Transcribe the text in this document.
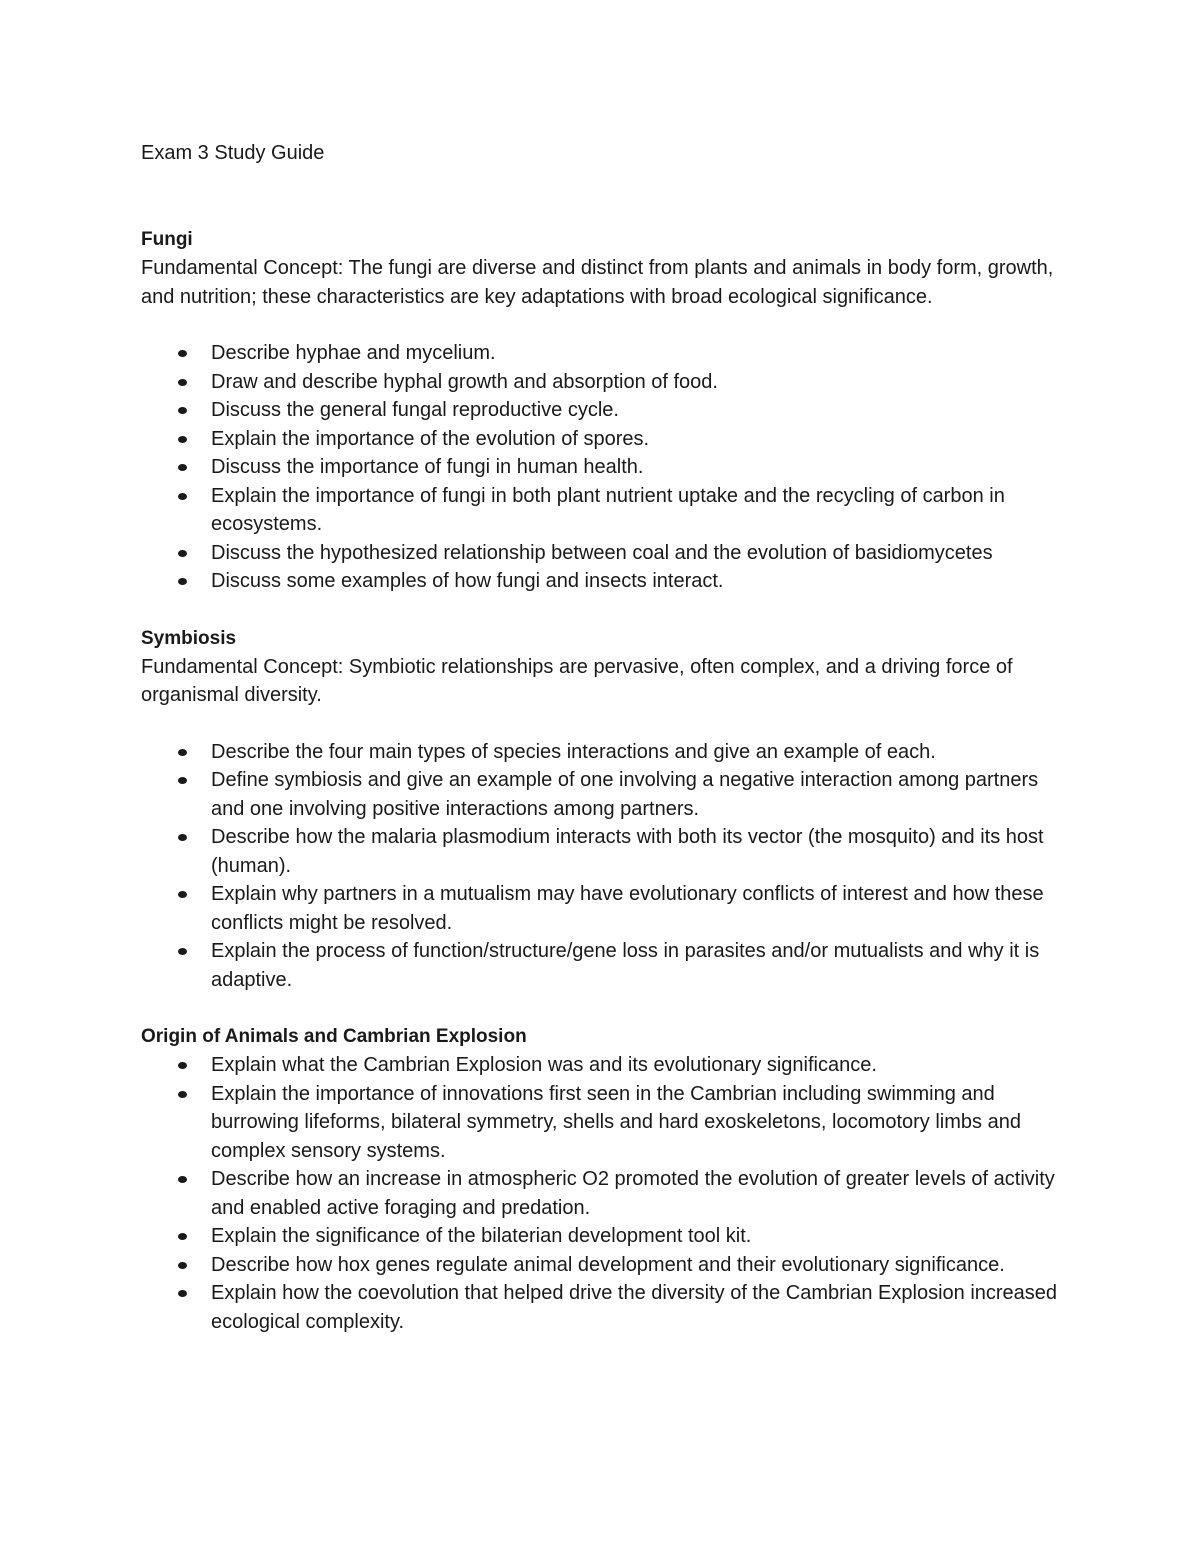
Exam 3 Study Guide

Fungi

Fundamental Concept: The fungi are diverse and distinct from plants and animals in body form, growth, and nutrition; these characteristics are key adaptations with broad ecological significance.

Describe hyphae and mycelium.
Draw and describe hyphal growth and absorption of food.
Discuss the general fungal reproductive cycle.
Explain the importance of the evolution of spores.
Discuss the importance of fungi in human health.
Explain the importance of fungi in both plant nutrient uptake and the recycling of carbon in ecosystems.
Discuss the hypothesized relationship between coal and the evolution of basidiomycetes
Discuss some examples of how fungi and insects interact.

Symbiosis

Fundamental Concept: Symbiotic relationships are pervasive, often complex, and a driving force of organismal diversity.

Describe the four main types of species interactions and give an example of each.
Define symbiosis and give an example of one involving a negative interaction among partners and one involving positive interactions among partners.
Describe how the malaria plasmodium interacts with both its vector (the mosquito) and its host (human).
Explain why partners in a mutualism may have evolutionary conflicts of interest and how these conflicts might be resolved.
Explain the process of function/structure/gene loss in parasites and/or mutualists and why it is adaptive.

Origin of Animals and Cambrian Explosion

Explain what the Cambrian Explosion was and its evolutionary significance.
Explain the importance of innovations first seen in the Cambrian including swimming and burrowing lifeforms, bilateral symmetry, shells and hard exoskeletons, locomotory limbs and complex sensory systems.
Describe how an increase in atmospheric O2 promoted the evolution of greater levels of activity and enabled active foraging and predation.
Explain the significance of the bilaterian development tool kit.
Describe how hox genes regulate animal development and their evolutionary significance.
Explain how the coevolution that helped drive the diversity of the Cambrian Explosion increased ecological complexity.
